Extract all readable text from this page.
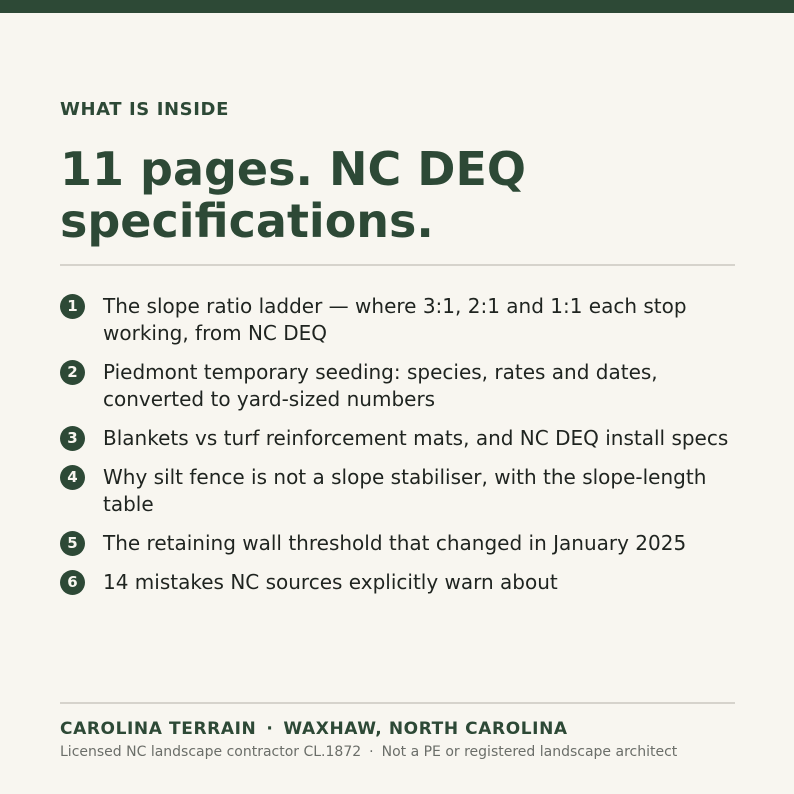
WHAT IS INSIDE
11 pages. NC DEQ specifications.
1	The slope ratio ladder — where 3:1, 2:1 and 1:1 each stop working, from NC DEQ
2	Piedmont temporary seeding: species, rates and dates, converted to yard-sized numbers
3	Blankets vs turf reinforcement mats, and NC DEQ install specs
4	Why silt fence is not a slope stabiliser, with the slope-length table
5	The retaining wall threshold that changed in January 2025
6	14 mistakes NC sources explicitly warn about
CAROLINA TERRAIN · WAXHAW, NORTH CAROLINA
Licensed NC landscape contractor CL.1872 · Not a PE or registered landscape architect
